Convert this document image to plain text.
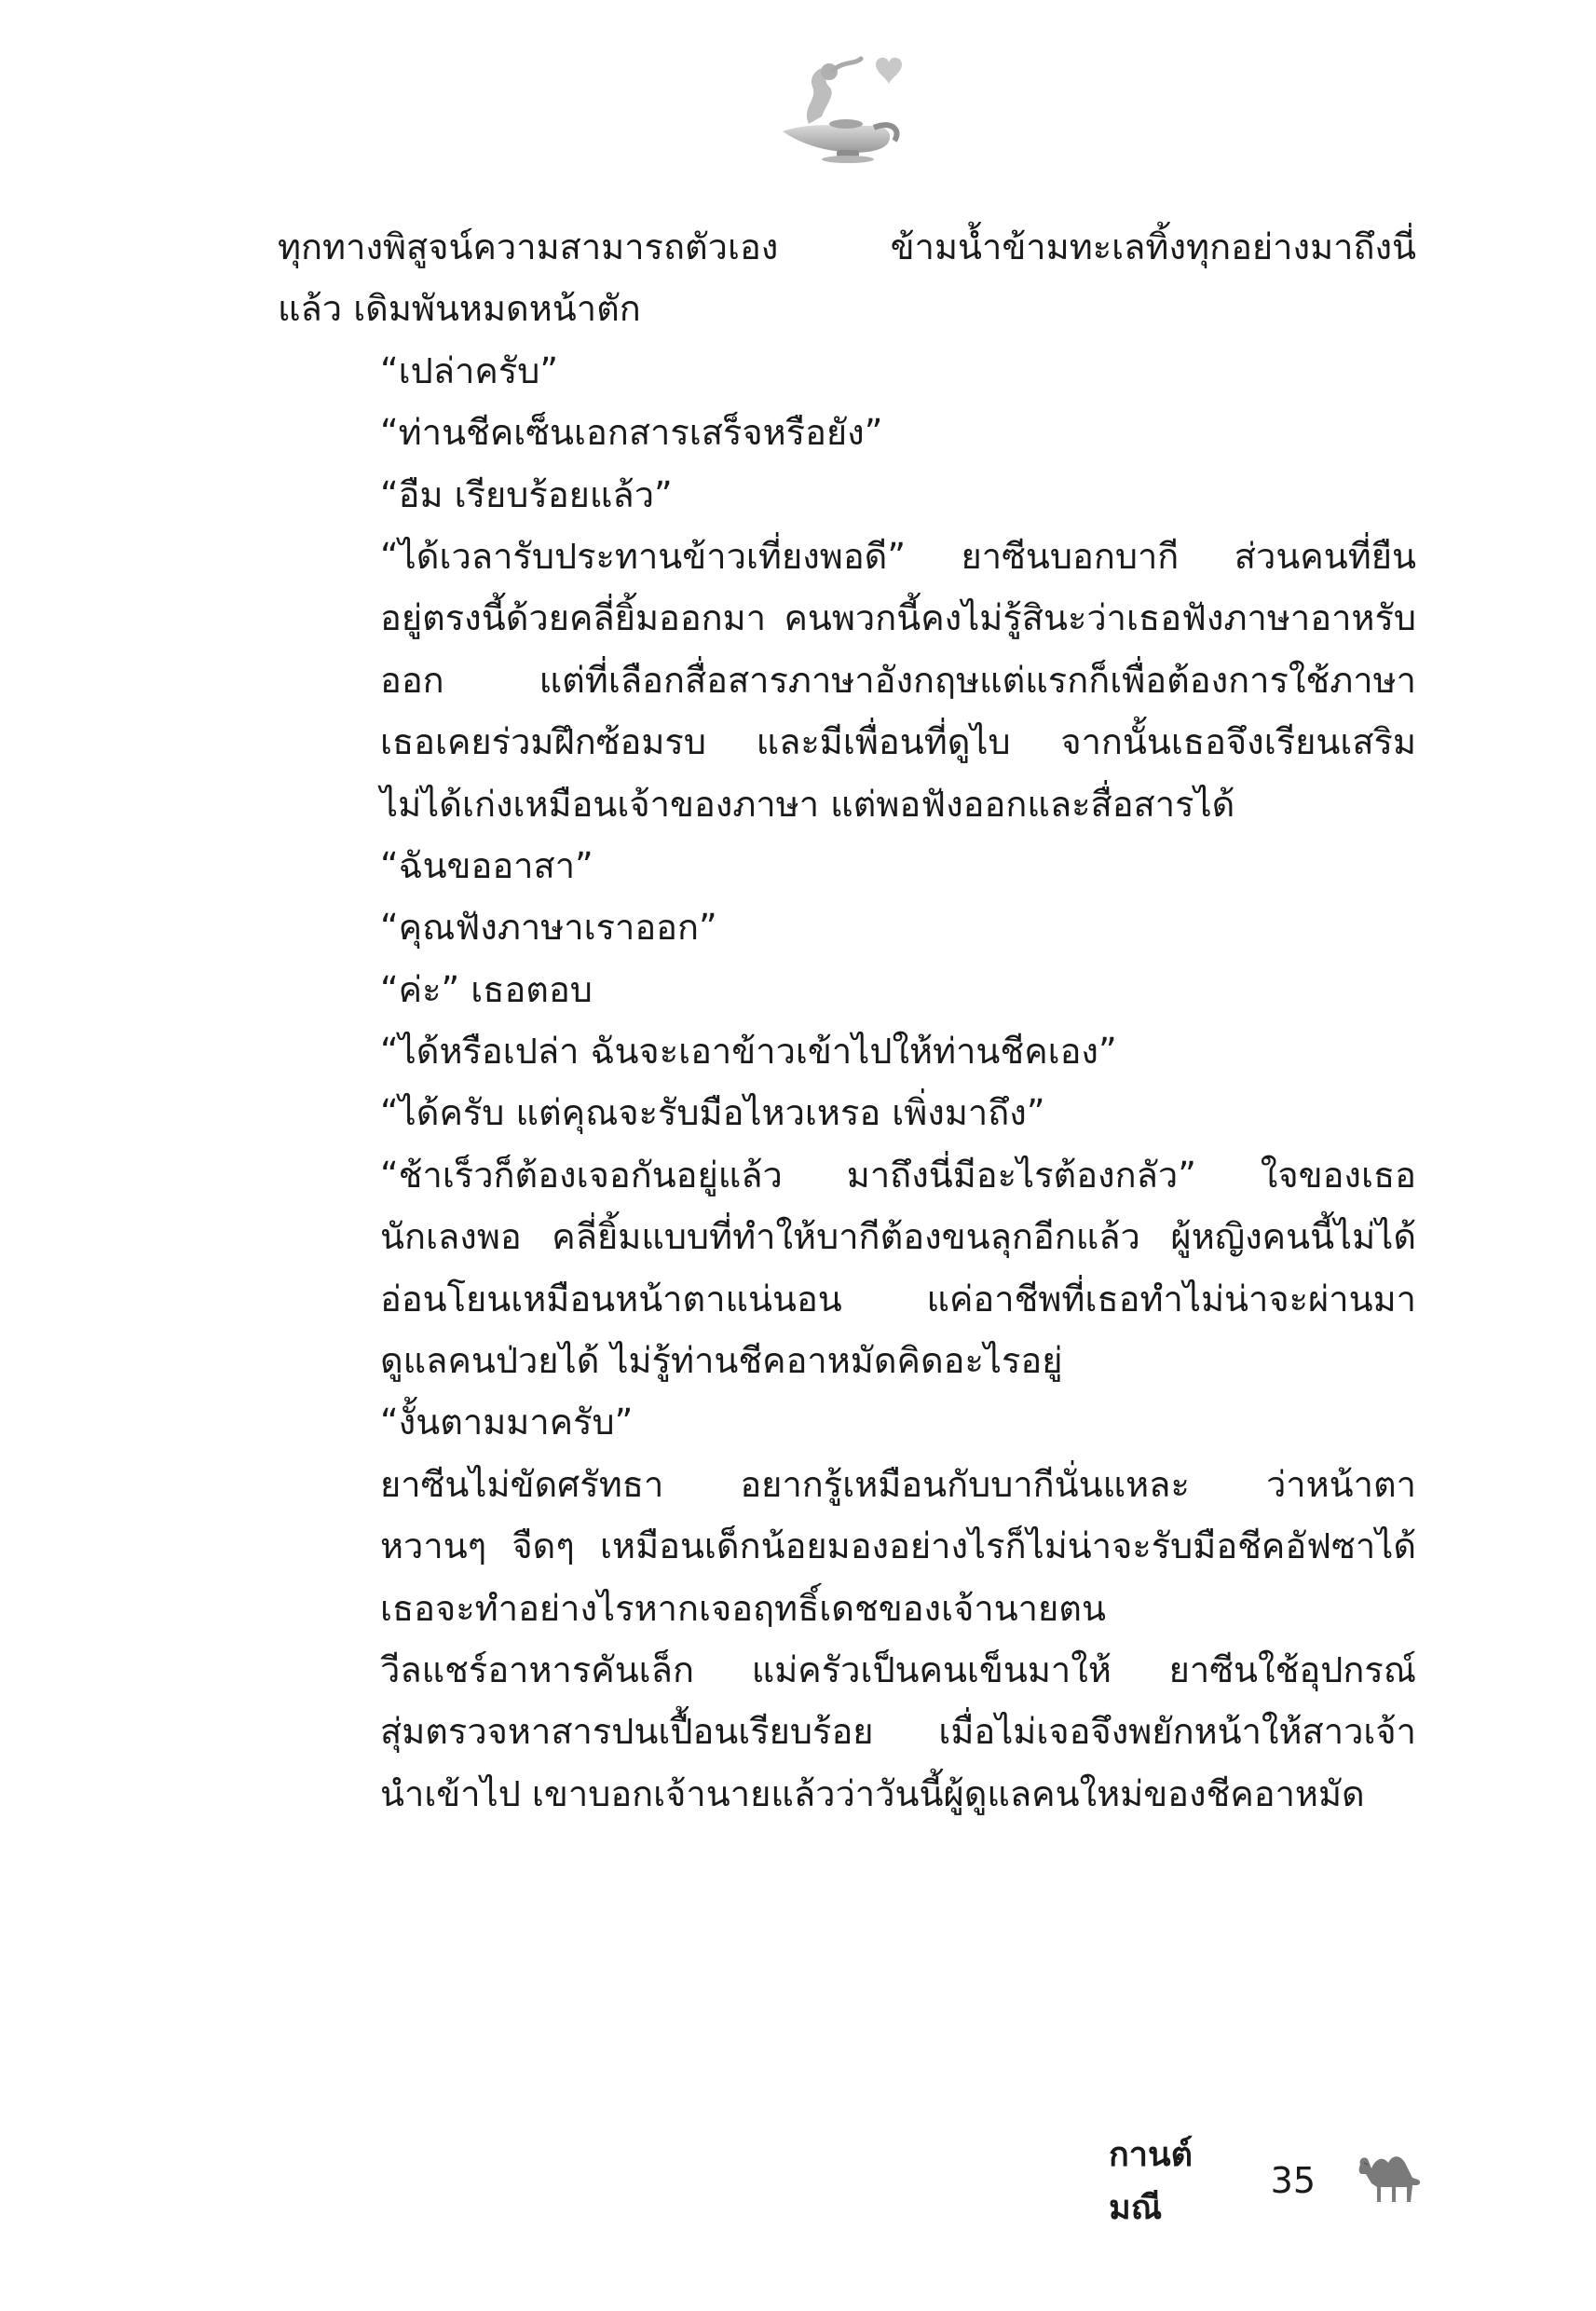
ทุกทางพิสูจน์ความสามารถตัวเอง ข้ามน้ำข้ามทะเลทิ้งทุกอย่างมาถึงนี่
แล้ว เดิมพันหมดหน้าตัก
“เปล่าครับ”
“ท่านชีคเซ็นเอกสารเสร็จหรือยัง”
“อืม เรียบร้อยแล้ว”
“ได้เวลารับประทานข้าวเที่ยงพอดี” ยาซีนบอกบากี ส่วนคนที่ยืน
อยู่ตรงนี้ด้วยคลี่ยิ้มออกมา คนพวกนี้คงไม่รู้สินะว่าเธอฟังภาษาอาหรับ
ออก แต่ที่เลือกสื่อสารภาษาอังกฤษแต่แรกก็เพื่อต้องการใช้ภาษา
เธอเคยร่วมฝึกซ้อมรบ และมีเพื่อนที่ดูไบ จากนั้นเธอจึงเรียนเสริม
ไม่ได้เก่งเหมือนเจ้าของภาษา แต่พอฟังออกและสื่อสารได้
“ฉันขออาสา”
“คุณฟังภาษาเราออก”
“ค่ะ” เธอตอบ
“ได้หรือเปล่า ฉันจะเอาข้าวเข้าไปให้ท่านชีคเอง”
“ได้ครับ แต่คุณจะรับมือไหวเหรอ เพิ่งมาถึง”
“ช้าเร็วก็ต้องเจอกันอยู่แล้ว มาถึงนี่มีอะไรต้องกลัว” ใจของเธอ
นักเลงพอ คลี่ยิ้มแบบที่ทำให้บากีต้องขนลุกอีกแล้ว ผู้หญิงคนนี้ไม่ได้
อ่อนโยนเหมือนหน้าตาแน่นอน แค่อาชีพที่เธอทำไม่น่าจะผ่านมา
ดูแลคนป่วยได้ ไม่รู้ท่านชีคอาหมัดคิดอะไรอยู่
“งั้นตามมาครับ”
ยาซีนไม่ขัดศรัทธา อยากรู้เหมือนกับบากีนั่นแหละ ว่าหน้าตา
หวานๆ จืดๆ เหมือนเด็กน้อยมองอย่างไรก็ไม่น่าจะรับมือชีคอัฟซาได้
เธอจะทำอย่างไรหากเจอฤทธิ์เดชของเจ้านายตน
วีลแชร์อาหารคันเล็ก แม่ครัวเป็นคนเข็นมาให้ ยาซีนใช้อุปกรณ์
สุ่มตรวจหาสารปนเปื้อนเรียบร้อย เมื่อไม่เจอจึงพยักหน้าให้สาวเจ้า
นำเข้าไป เขาบอกเจ้านายแล้วว่าวันนี้ผู้ดูแลคนใหม่ของชีคอาหมัด
กานต์มณี
35
